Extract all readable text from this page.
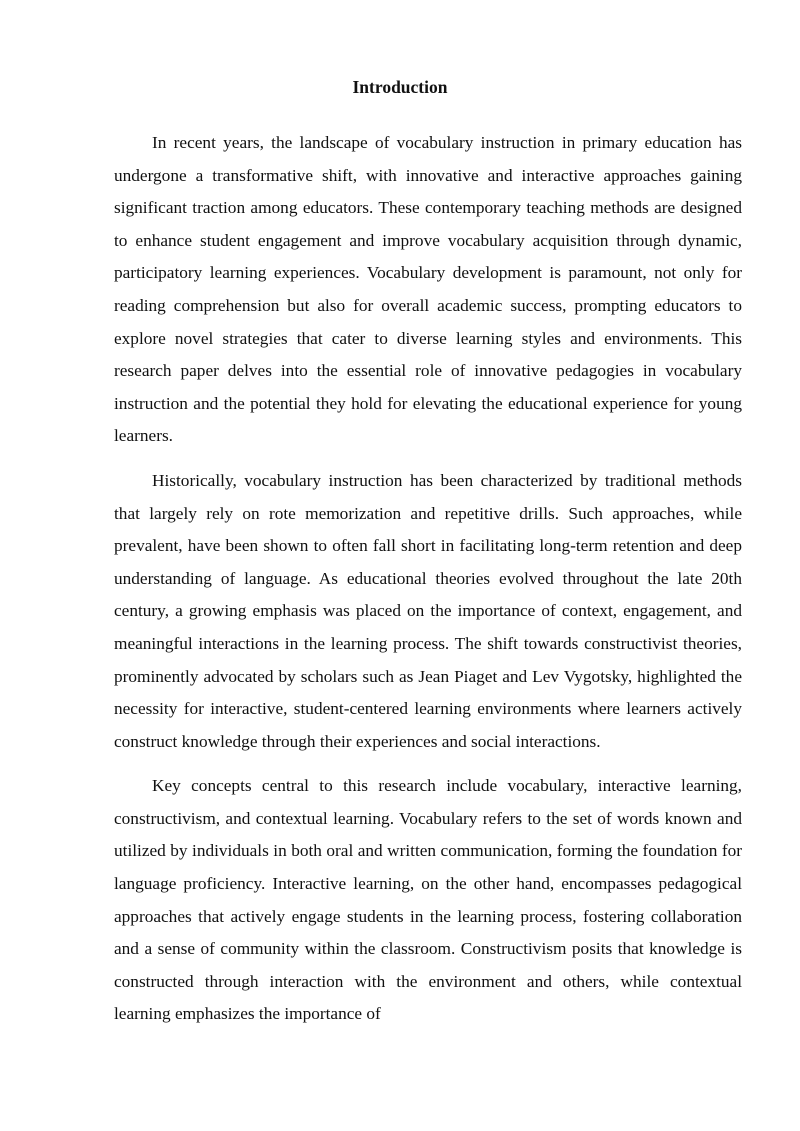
Introduction

In recent years, the landscape of vocabulary instruction in primary education has undergone a transformative shift, with innovative and interactive approaches gaining significant traction among educators. These contemporary teaching methods are designed to enhance student engagement and improve vocabulary acquisition through dynamic, participatory learning experiences. Vocabulary development is paramount, not only for reading comprehension but also for overall academic success, prompting educators to explore novel strategies that cater to diverse learning styles and environments. This research paper delves into the essential role of innovative pedagogies in vocabulary instruction and the potential they hold for elevating the educational experience for young learners.

Historically, vocabulary instruction has been characterized by traditional methods that largely rely on rote memorization and repetitive drills. Such approaches, while prevalent, have been shown to often fall short in facilitating long-term retention and deep understanding of language. As educational theories evolved throughout the late 20th century, a growing emphasis was placed on the importance of context, engagement, and meaningful interactions in the learning process. The shift towards constructivist theories, prominently advocated by scholars such as Jean Piaget and Lev Vygotsky, highlighted the necessity for interactive, student-centered learning environments where learners actively construct knowledge through their experiences and social interactions.

Key concepts central to this research include vocabulary, interactive learning, constructivism, and contextual learning. Vocabulary refers to the set of words known and utilized by individuals in both oral and written communication, forming the foundation for language proficiency. Interactive learning, on the other hand, encompasses pedagogical approaches that actively engage students in the learning process, fostering collaboration and a sense of community within the classroom. Constructivism posits that knowledge is constructed through interaction with the environment and others, while contextual learning emphasizes the importance of
